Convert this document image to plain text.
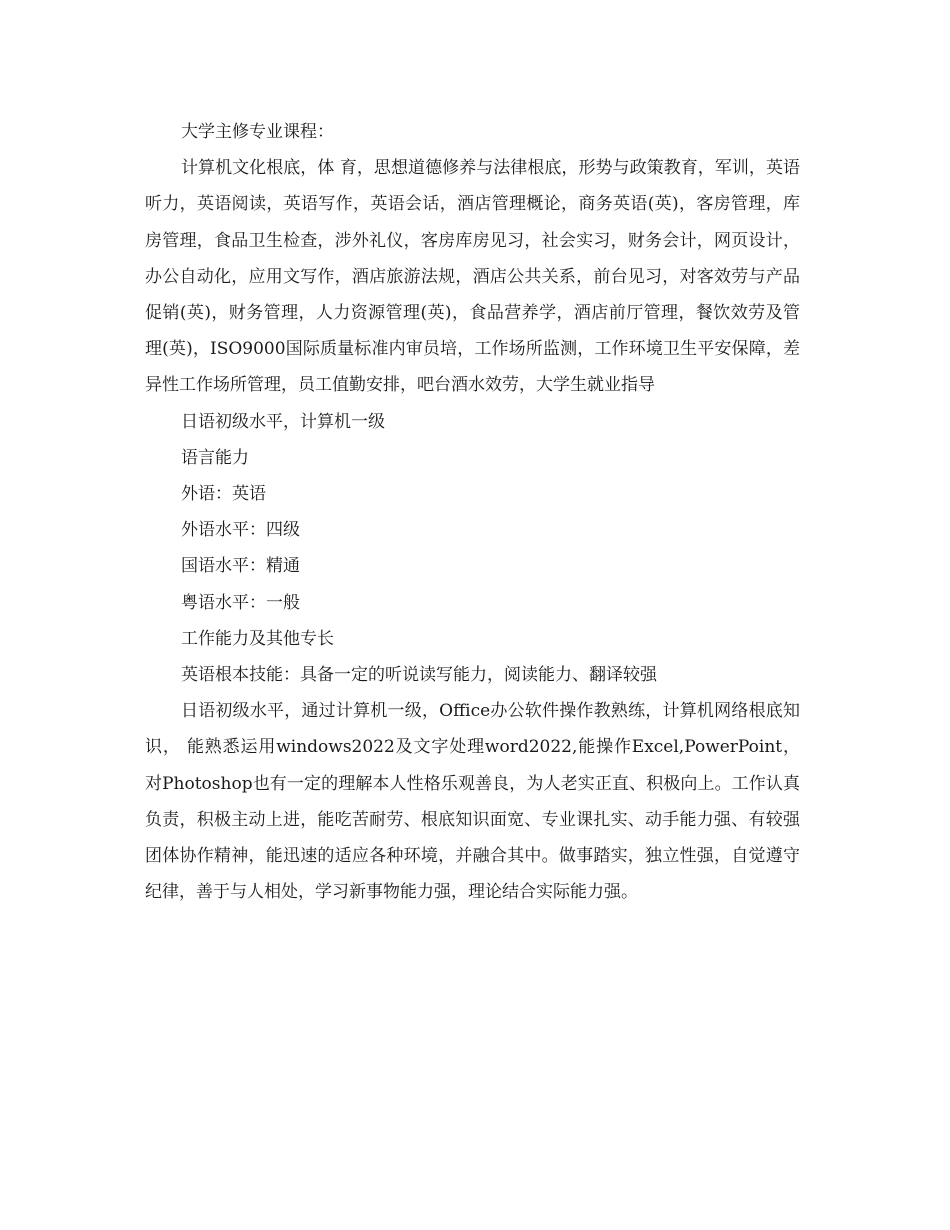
大学主修专业课程：

计算机文化根底，体 育，思想道德修养与法律根底，形势与政策教育，军训，英语听力，英语阅读，英语写作，英语会话，酒店管理概论，商务英语(英)，客房管理，库房管理，食品卫生检查，涉外礼仪，客房库房见习，社会实习，财务会计，网页设计，办公自动化，应用文写作，酒店旅游法规，酒店公共关系，前台见习，对客效劳与产品促销(英)，财务管理，人力资源管理(英)，食品营养学，酒店前厅管理，餐饮效劳及管理(英)，ISO9000国际质量标准内审员培，工作场所监测，工作环境卫生平安保障，差异性工作场所管理，员工值勤安排，吧台酒水效劳，大学生就业指导

日语初级水平，计算机一级

语言能力

外语：英语

外语水平：四级

国语水平：精通

粤语水平：一般

工作能力及其他专长

英语根本技能：具备一定的听说读写能力，阅读能力、翻译较强

日语初级水平，通过计算机一级，Office办公软件操作教熟练，计算机网络根底知识， 能熟悉运用windows2022及文字处理word2022,能操作Excel,PowerPoint，对Photoshop也有一定的理解本人性格乐观善良，为人老实正直、积极向上。工作认真负责，积极主动上进，能吃苦耐劳、根底知识面宽、专业课扎实、动手能力强、有较强团体协作精神，能迅速的适应各种环境，并融合其中。做事踏实，独立性强，自觉遵守纪律，善于与人相处，学习新事物能力强，理论结合实际能力强。
